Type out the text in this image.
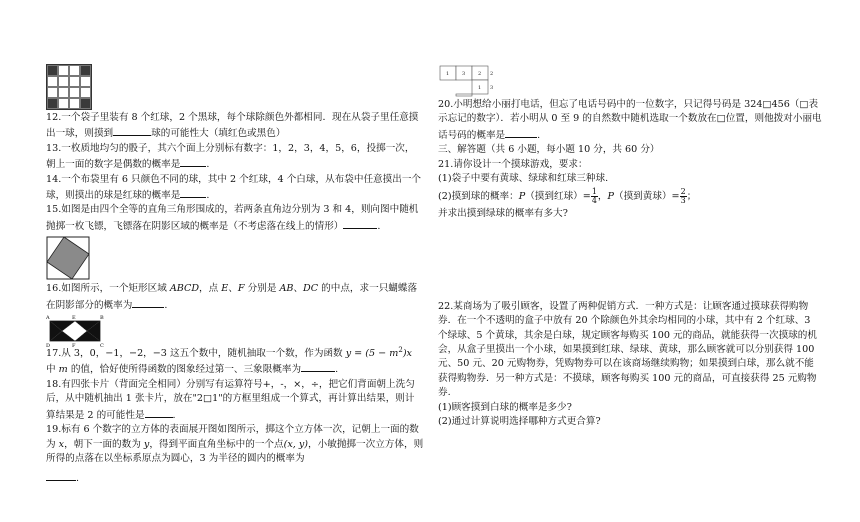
12.一个袋子里装有 8 个红球，2 个黑球，每个球除颜色外都相同．现在从袋子里任意摸出一球，则摸到	球的可能性大（填红色或黑色）

13.一枚质地均匀的骰子，其六个面上分别标有数字：1，2，3，4，5，6，投掷一次，朝上一面的数字是偶数的概率是	.

14.一个布袋里有 6 只颜色不同的球，其中 2 个红球，4 个白球，从布袋中任意摸出一个球，则摸出的球是红球的概率是	.

15.如图是由四个全等的直角三角形围成的，若两条直角边分别为 3 和 4，则向图中随机抛掷一枚飞镖，飞镖落在阴影区域的概率是（不考虑落在线上的情形）	.

16.如图所示，一个矩形区域 ABCD，点 E、F 分别是 AB、DC 的中点，求一只蝴蝶落在阴影部分的概率为	.

A	E	B
D	F	C

17.从 3，0，−1，−2，−3 这五个数中，随机抽取一个数，作为函数 $y = (5 - m^2)x$ 中 m 的值，恰好使所得函数的图象经过第一、三象限概率为	.

18.有四张卡片（背面完全相同）分别写有运算符号+，-，×，÷，把它们背面朝上洗匀后，从中随机抽出 1 张卡片，放在"2□1"的方框里组成一个算式，再计算出结果，则计算结果是 2 的可能性是	.

19.标有 6 个数字的立方体的表面展开图如图所示，掷这个立方体一次，记朝上一面的数为 x，朝下一面的数为 y，得到平面直角坐标中的一个点(x, y)，小敏抛掷一次立方体，则所得的点落在以坐标系原点为圆心，3 为半径的圆内的概率为

.

1	3	2
1 3
2

20.小明想给小丽打电话，但忘了电话号码中的一位数字，只记得号码是 324□456（□表示忘记的数字）．若小明从 0 至 9 的自然数中随机选取一个数放在□位置，则他拨对小丽电话号码的概率是	.

三、解答题（共 6 小题，每小题 10 分，共 60 分）

21.请你设计一个摸球游戏，要求：

(1)袋子中要有黄球、绿球和红球三种球.

(2)摸到球的概率：P（摸到红球）= $\frac{1}{4}$ ，P（摸到黄球）= $\frac{2}{3}$ ；

并求出摸到绿球的概率有多大?

22.某商场为了吸引顾客，设置了两种促销方式．一种方式是：让顾客通过摸球获得购物券．在一个不透明的盒子中放有 20 个除颜色外其余均相同的小球，其中有 2 个红球、3 个绿球、5 个黄球，其余是白球，规定顾客每购买 100 元的商品，就能获得一次摸球的机会，从盒子里摸出一个小球，如果摸到红球、绿球、黄球，那么顾客就可以分别获得 100 元、50 元、20 元购物券，凭购物券可以在该商场继续购物；如果摸到白球，那么就不能获得购物券．另一种方式是：不摸球，顾客每购买 100 元的商品，可直接获得 25 元购物券.

(1)顾客摸到白球的概率是多少?

(2)通过计算说明选择哪种方式更合算?
